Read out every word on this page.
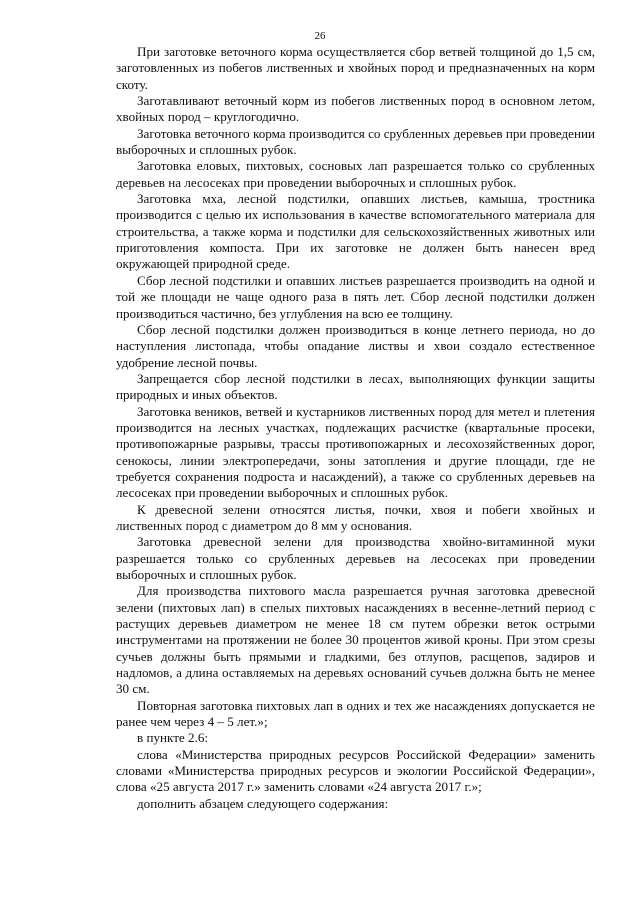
26

При заготовке веточного корма осуществляется сбор ветвей толщиной до 1,5 см, заготовленных из побегов лиственных и хвойных пород и предназначенных на корм скоту.

Заготавливают веточный корм из побегов лиственных пород в основном летом, хвойных пород – круглогодично.

Заготовка веточного корма производится со срубленных деревьев при проведении выборочных и сплошных рубок.

Заготовка еловых, пихтовых, сосновых лап разрешается только со срубленных деревьев на лесосеках при проведении выборочных и сплошных рубок.

Заготовка мха, лесной подстилки, опавших листьев, камыша, тростника производится с целью их использования в качестве вспомогательного материала для строительства, а также корма и подстилки для сельскохозяйственных животных или приготовления компоста. При их заготовке не должен быть нанесен вред окружающей природной среде.

Сбор лесной подстилки и опавших листьев разрешается производить на одной и той же площади не чаще одного раза в пять лет. Сбор лесной подстилки должен производиться частично, без углубления на всю ее толщину.

Сбор лесной подстилки должен производиться в конце летнего периода, но до наступления листопада, чтобы опадание листвы и хвои создало естественное удобрение лесной почвы.

Запрещается сбор лесной подстилки в лесах, выполняющих функции защиты природных и иных объектов.

Заготовка веников, ветвей и кустарников лиственных пород для метел и плетения производится на лесных участках, подлежащих расчистке (квартальные просеки, противопожарные разрывы, трассы противопожарных и лесохозяйственных дорог, сенокосы, линии электропередачи, зоны затопления и другие площади, где не требуется сохранения подроста и насаждений), а также со срубленных деревьев на лесосеках при проведении выборочных и сплошных рубок.

К древесной зелени относятся листья, почки, хвоя и побеги хвойных и лиственных пород с диаметром до 8 мм у основания.

Заготовка древесной зелени для производства хвойно-витаминной муки разрешается только со срубленных деревьев на лесосеках при проведении выборочных и сплошных рубок.

Для производства пихтового масла разрешается ручная заготовка древесной зелени (пихтовых лап) в спелых пихтовых насаждениях в весенне-летний период с растущих деревьев диаметром не менее 18 см путем обрезки веток острыми инструментами на протяжении не более 30 процентов живой кроны. При этом срезы сучьев должны быть прямыми и гладкими, без отлупов, расщепов, задиров и надломов, а длина оставляемых на деревьях оснований сучьев должна быть не менее 30 см.

Повторная заготовка пихтовых лап в одних и тех же насаждениях допускается не ранее чем через 4 – 5 лет.»;

в пункте 2.6:

слова «Министерства природных ресурсов Российской Федерации» заменить словами «Министерства природных ресурсов и экологии Российской Федерации», слова «25 августа 2017 г.» заменить словами «24 августа 2017 г.»;

дополнить абзацем следующего содержания:
